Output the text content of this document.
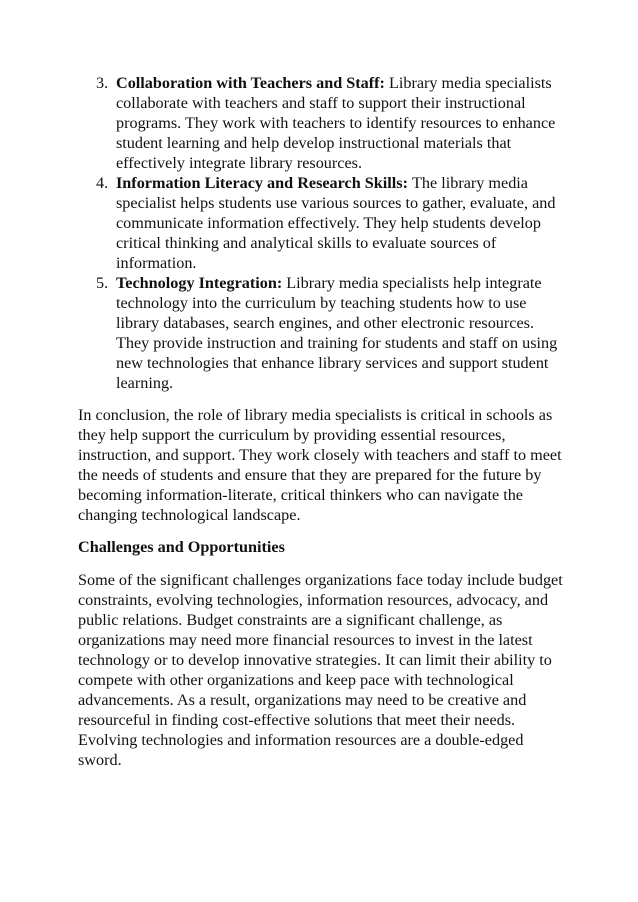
3. Collaboration with Teachers and Staff: Library media specialists collaborate with teachers and staff to support their instructional programs. They work with teachers to identify resources to enhance student learning and help develop instructional materials that effectively integrate library resources.
4. Information Literacy and Research Skills: The library media specialist helps students use various sources to gather, evaluate, and communicate information effectively. They help students develop critical thinking and analytical skills to evaluate sources of information.
5. Technology Integration: Library media specialists help integrate technology into the curriculum by teaching students how to use library databases, search engines, and other electronic resources. They provide instruction and training for students and staff on using new technologies that enhance library services and support student learning.

In conclusion, the role of library media specialists is critical in schools as they help support the curriculum by providing essential resources, instruction, and support. They work closely with teachers and staff to meet the needs of students and ensure that they are prepared for the future by becoming information-literate, critical thinkers who can navigate the changing technological landscape.

Challenges and Opportunities

Some of the significant challenges organizations face today include budget constraints, evolving technologies, information resources, advocacy, and public relations. Budget constraints are a significant challenge, as organizations may need more financial resources to invest in the latest technology or to develop innovative strategies. It can limit their ability to compete with other organizations and keep pace with technological advancements. As a result, organizations may need to be creative and resourceful in finding cost-effective solutions that meet their needs. Evolving technologies and information resources are a double-edged sword.
